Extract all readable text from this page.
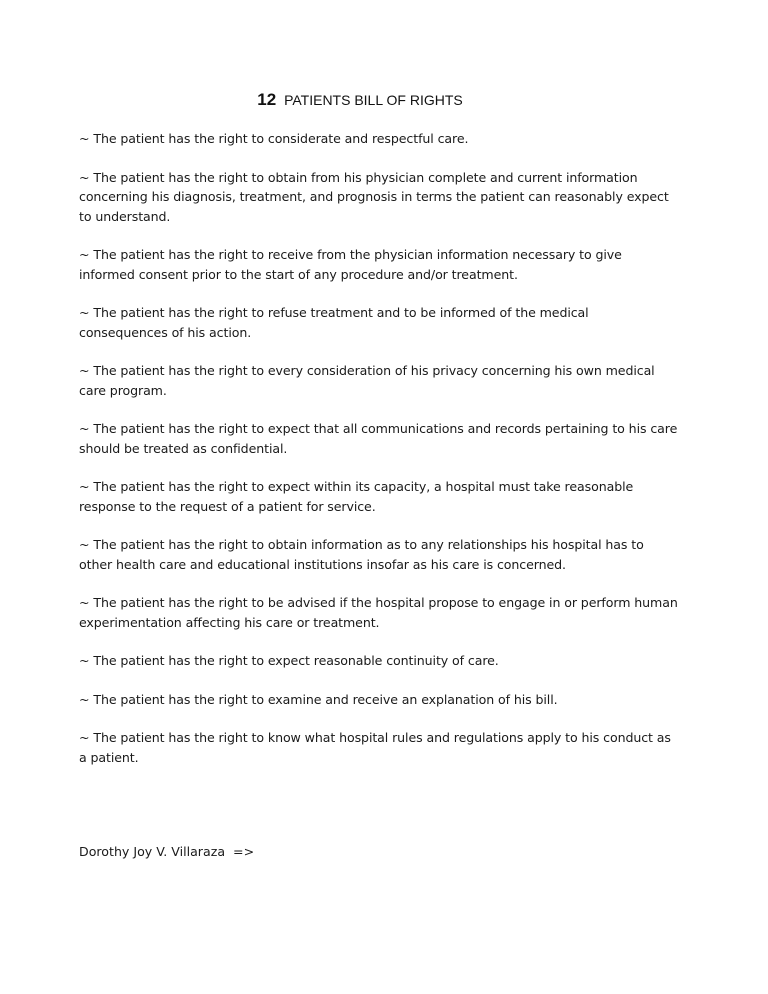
12 PATIENTS BILL OF RIGHTS
~ The patient has the right to considerate and respectful care.
~ The patient has the right to obtain from his physician complete and current information concerning his diagnosis, treatment, and prognosis in terms the patient can reasonably expect to understand.
~ The patient has the right to receive from the physician information necessary to give informed consent prior to the start of any procedure and/or treatment.
~ The patient has the right to refuse treatment and to be informed of the medical consequences of his action.
~ The patient has the right to every consideration of his privacy concerning his own medical care program.
~ The patient has the right to expect that all communications and records pertaining to his care should be treated as confidential.
~ The patient has the right to expect within its capacity, a hospital must take reasonable response to the request of a patient for service.
~ The patient has the right to obtain information as to any relationships his hospital has to other health care and educational institutions insofar as his care is concerned.
~ The patient has the right to be advised if the hospital propose to engage in or perform human experimentation affecting his care or treatment.
~ The patient has the right to expect reasonable continuity of care.
~ The patient has the right to examine and receive an explanation of his bill.
~ The patient has the right to know what hospital rules and regulations apply to his conduct as a patient.
Dorothy Joy V. Villaraza  =>
